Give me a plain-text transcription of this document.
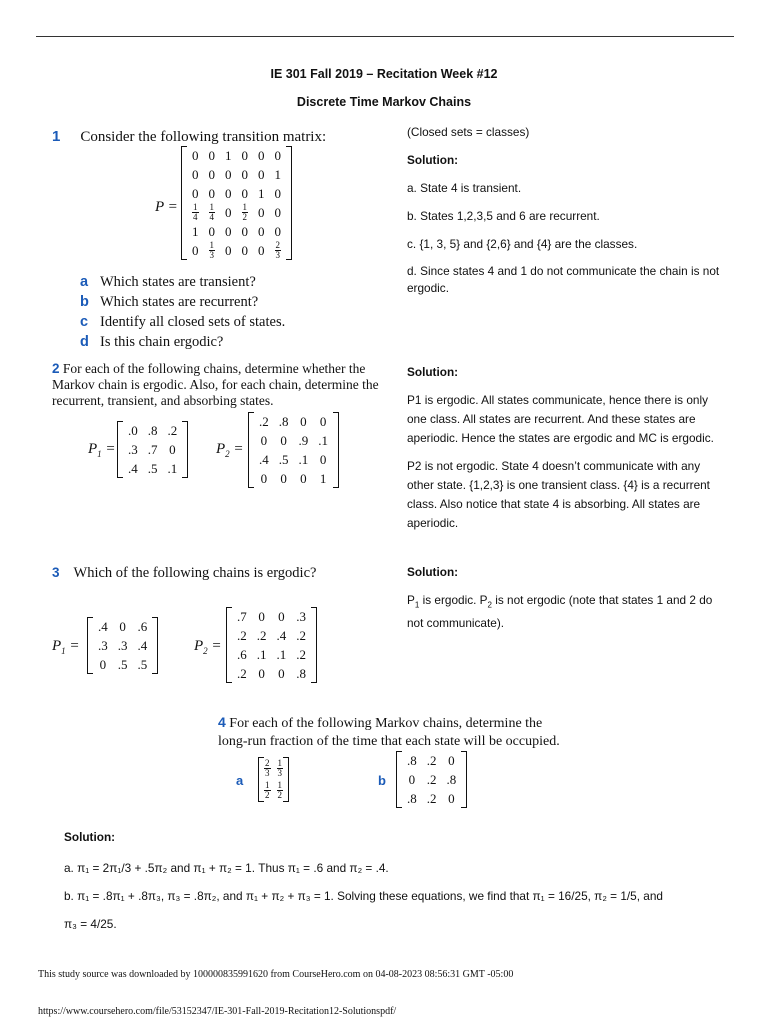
IE 301 Fall 2019 – Recitation Week #12
Discrete Time Markov Chains
1 Consider the following transition matrix:
P =
0	0	1	0	0	0
0	0	0	0	0	1
0	0	0	0	1	0

$\frac{1}{4}$	$\frac{1}{4}$	0	$\frac{1}{2}$	0	0
1	0	0	0	0	0
0	$\frac{1}{3}$	0	0	0	$\frac{2}{3}$
a Which states are transient?
b Which states are recurrent?
c Identify all closed sets of states.
d Is this chain ergodic?
(Closed sets = classes)
Solution:
a. State 4 is transient.
b. States 1,2,3,5 and 6 are recurrent.
c. {1, 3, 5} and {2,6} and {4} are the classes.
d. Since states 4 and 1 do not communicate the chain is not ergodic.
2 For each of the following chains, determine whether the Markov chain is ergodic. Also, for each chain, determine the recurrent, transient, and absorbing states.
$P_1$ =
.0	.8	.2
.3	.7	0
.4	.5	.1
$P_2$ =
.2	.8	0	0
0	0	.9	.1
.4	.5	.1	0
0	0	0	1
Solution:
P1 is ergodic. All states communicate, hence there is only one class. All states are recurrent. And these states are aperiodic. Hence the states are ergodic and MC is ergodic.
P2 is not ergodic. State 4 doesn’t communicate with any other state. {1,2,3} is one transient class. {4} is a recurrent class. Also notice that state 4 is absorbing. All states are aperiodic.
3 Which of the following chains is ergodic?
$P_1$ =
.4	0	.6
.3	.3	.4
0	.5	.5
$P_2$ =
.7	0	0	.3
.2	.2	.4	.2
.6	.1	.1	.2
.2	0	0	.8
Solution:
$P_1$ is ergodic. $P_2$ is not ergodic (note that states 1 and 2 do not communicate).
4 For each of the following Markov chains, determine the
long-run fraction of the time that each state will be occupied.
a
$\frac{2}{3} \frac{1}{3}$
$\frac{1}{2} \frac{1}{2}$
b
.8	.2	0
0	.2	.8
.8	.2	0
Solution:
a. π₁ = 2π₁/3 + .5π₂ and π₁ + π₂ = 1. Thus π₁ = .6 and π₂ = .4.
b. π₁ = .8π₁ + .8π₃, π₃ = .8π₂, and π₁ + π₂ + π₃ = 1. Solving these equations, we find that π₁ = 16/25, π₂ = 1/5, and
π₃ = 4/25.
This study source was downloaded by 100000835991620 from CourseHero.com on 04-08-2023 08:56:31 GMT -05:00
https://www.coursehero.com/file/53152347/IE-301-Fall-2019-Recitation12-Solutionspdf/
